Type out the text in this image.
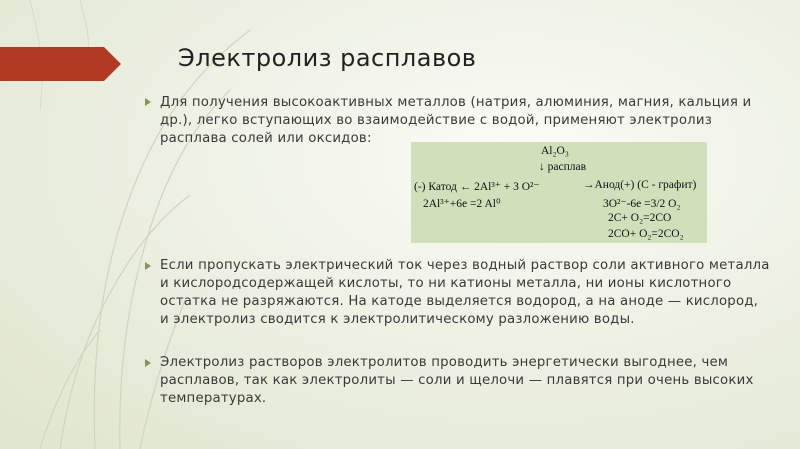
Электролиз расплавов
Для получения высокоактивных металлов (натрия, алюминия, магния, кальция и др.), легко вступающих во взаимодействие с водой, применяют электролиз расплава солей или оксидов:
Al₂O₃
↓ расплав
(-) Катод ← 2Al³⁺ + 3 O²⁻	→Анод(+) (С - графит)
2Al³⁺+6e =2 Al⁰	3O²⁻-6e =3/2 O₂
2C+ O₂=2CO
2CO+ O₂=2CO₂
Если пропускать электрический ток через водный раствор соли активного металла и кислородсодержащей кислоты, то ни катионы металла, ни ионы кислотного остатка не разряжаются. На катоде выделяется водород, а на аноде — кислород, и электролиз сводится к электролитическому разложению воды.
Электролиз растворов электролитов проводить энергетически выгоднее, чем расплавов, так как электролиты — соли и щелочи — плавятся при очень высоких температурах.
